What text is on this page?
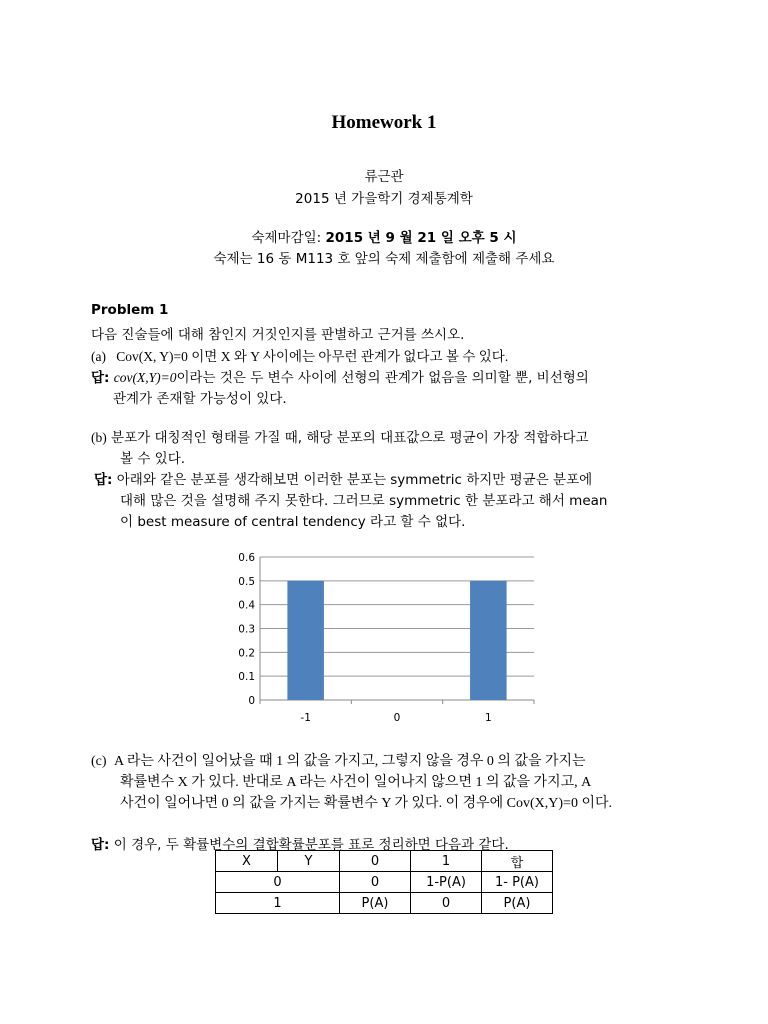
Homework 1
류근관
2015 년 가을학기 경제통계학
숙제마감일: 2015 년 9 월 21 일 오후 5 시
숙제는 16 동 M113 호 앞의 숙제 제출함에 제출해 주세요
Problem 1
다음 진술들에 대해 참인지 거짓인지를 판별하고 근거를 쓰시오.
(a) Cov(X, Y)=0 이면 X 와 Y 사이에는 아무런 관계가 없다고 볼 수 있다.
답: cov(X,Y)=0이라는 것은 두 변수 사이에 선형의 관계가 없음을 의미할 뿐, 비선형의
관계가 존재할 가능성이 있다.
(b) 분포가 대칭적인 형태를 가질 때, 해당 분포의 대표값으로 평균이 가장 적합하다고
볼 수 있다.
답: 아래와 같은 분포를 생각해보면 이러한 분포는 symmetric 하지만 평균은 분포에
대해 많은 것을 설명해 주지 못한다. 그러므로 symmetric 한 분포라고 해서 mean
이 best measure of central tendency 라고 할 수 없다.
0
0.1
0.2
0.3
0.4
0.5
0.6
-1	0	1
(c) A 라는 사건이 일어났을 때 1 의 값을 가지고, 그렇지 않을 경우 0 의 값을 가지는
확률변수 X 가 있다. 반대로 A 라는 사건이 일어나지 않으면 1 의 값을 가지고, A
사건이 일어나면 0 의 값을 가지는 확률변수 Y 가 있다. 이 경우에 Cov(X,Y)=0 이다.
답: 이 경우, 두 확률변수의 결합확률분포를 표로 정리하면 다음과 같다.
X	Y	0	1	합
0		0	1-P(A)	1- P(A)
1		P(A)	0	P(A)
